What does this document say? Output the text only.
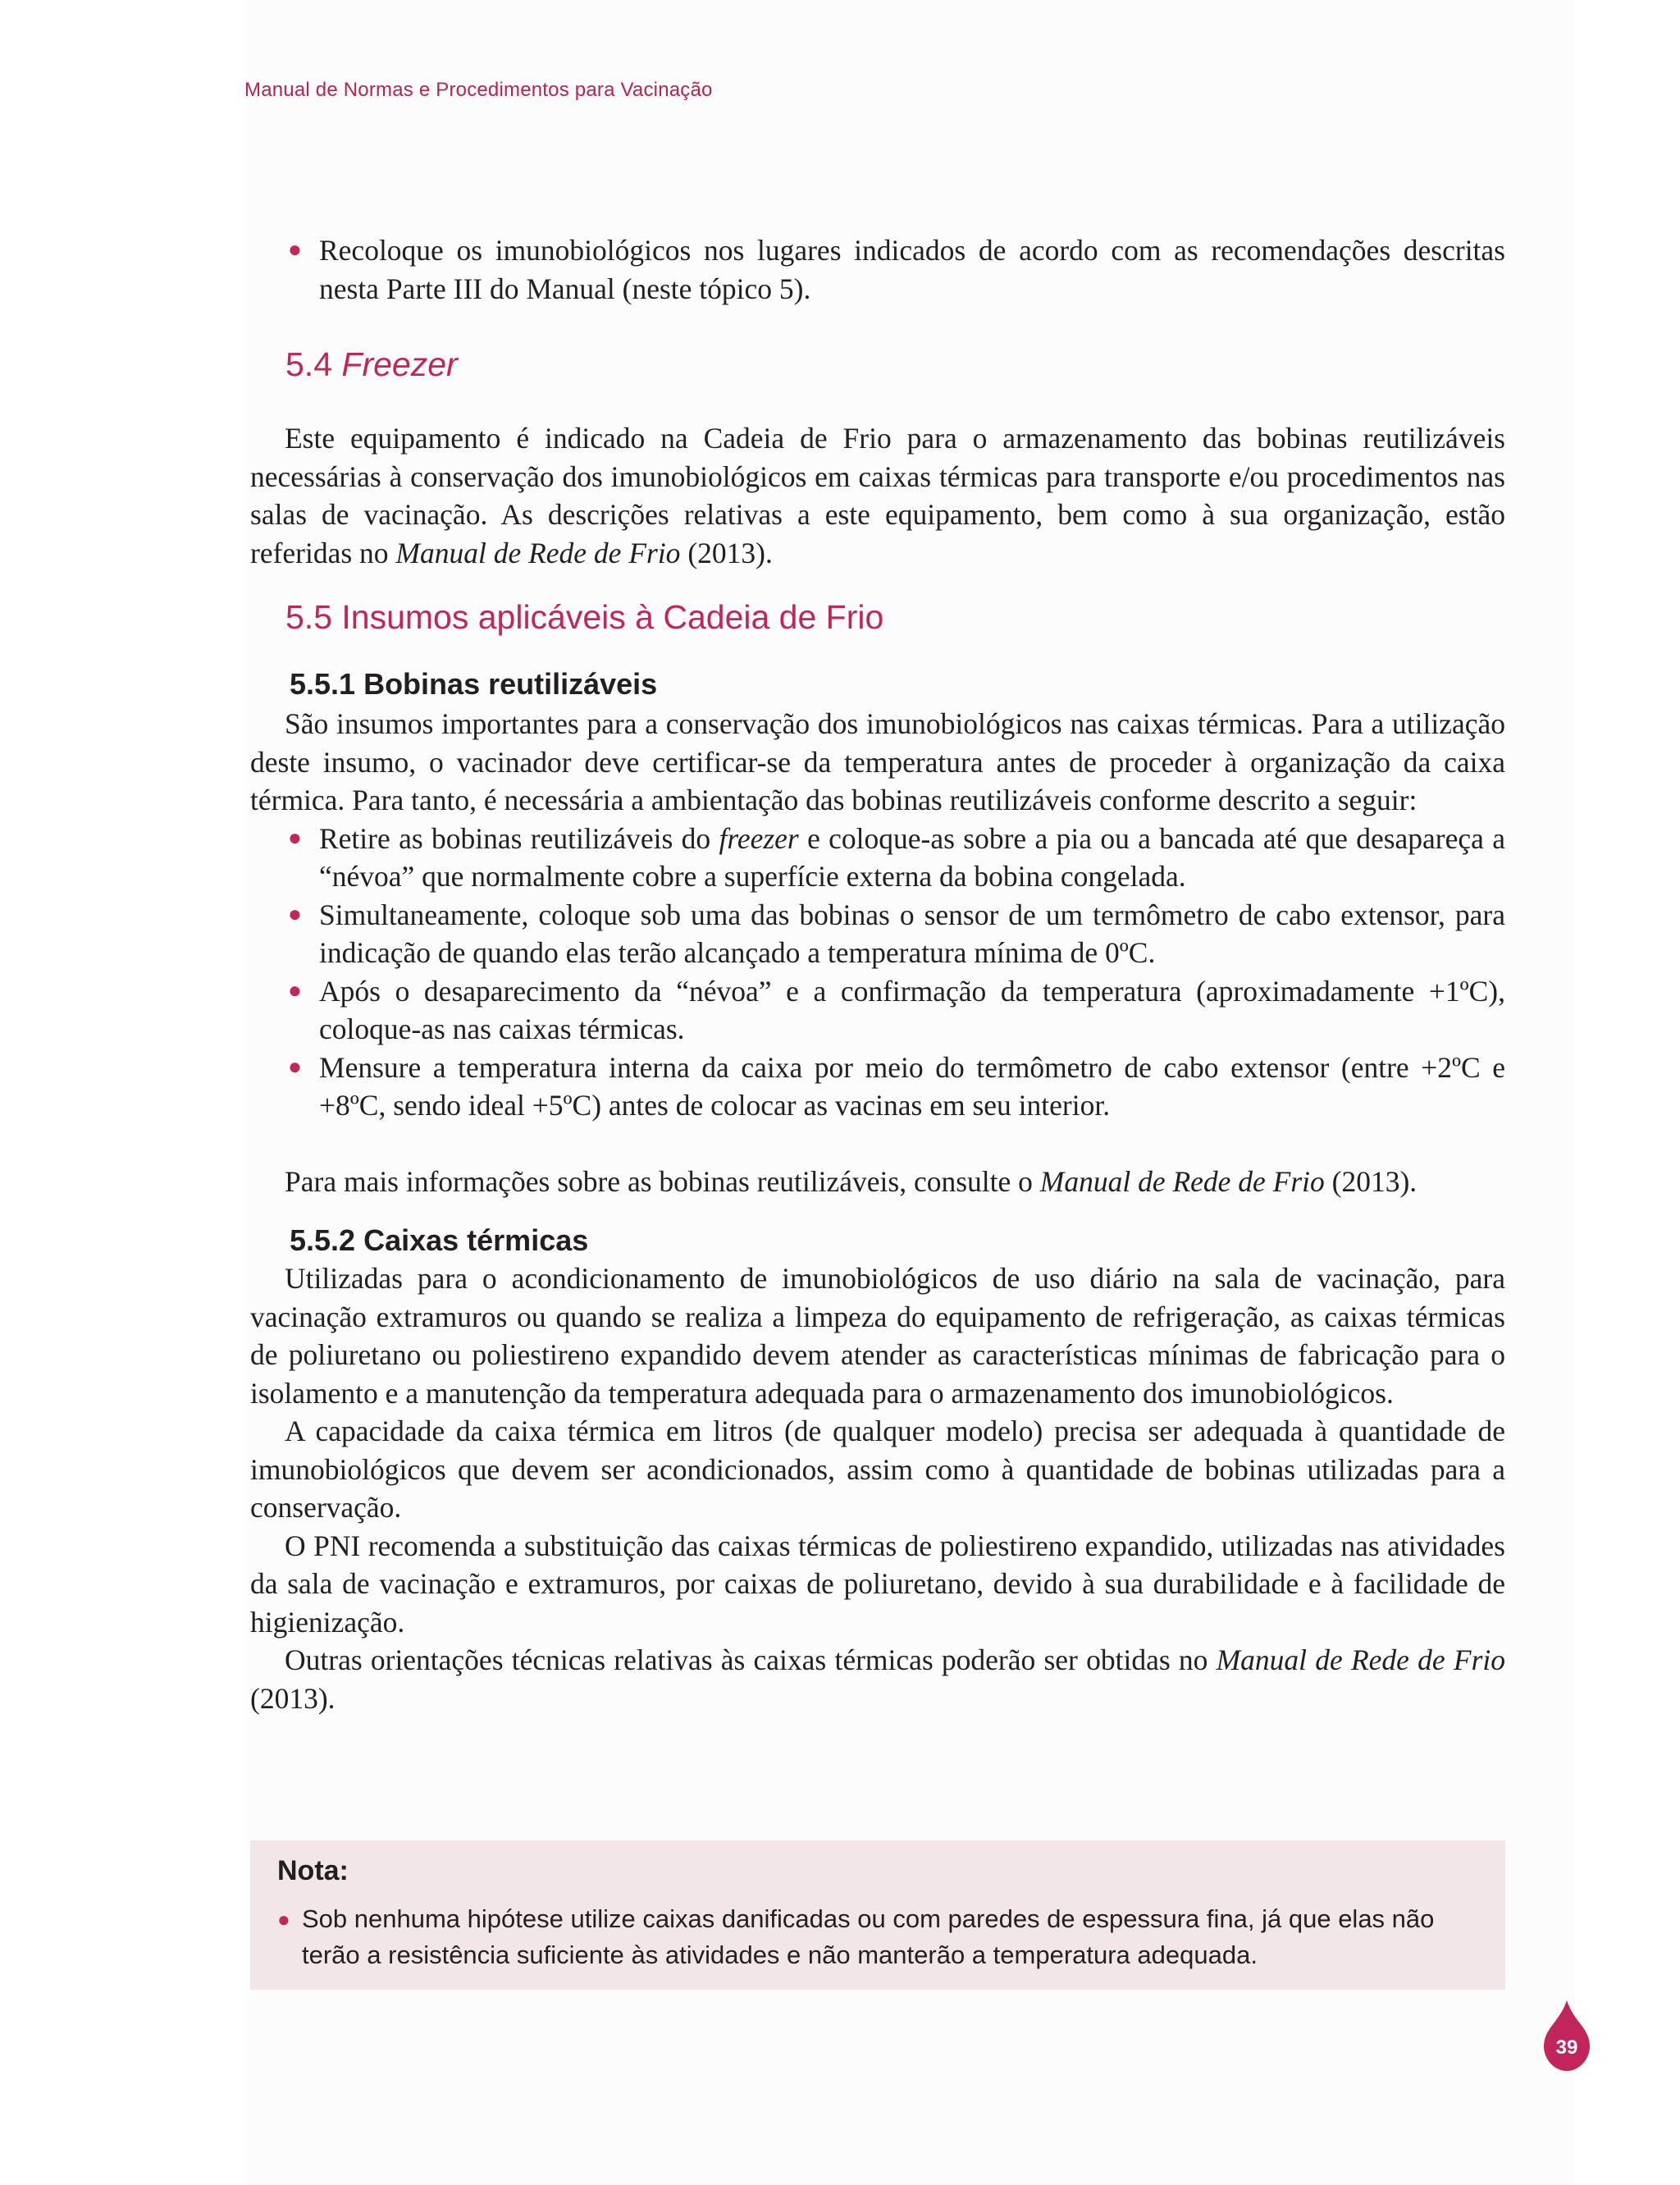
Manual de Normas e Procedimentos para Vacinação
● Recoloque os imunobiológicos nos lugares indicados de acordo com as recomendações descritas nesta Parte III do Manual (neste tópico 5).
5.4 Freezer

Este equipamento é indicado na Cadeia de Frio para o armazenamento das bobinas reutilizáveis necessárias à conservação dos imunobiológicos em caixas térmicas para transporte e/ou procedimentos nas salas de vacinação. As descrições relativas a este equipamento, bem como à sua organização, estão referidas no Manual de Rede de Frio (2013).

5.5 Insumos aplicáveis à Cadeia de Frio
5.5.1 Bobinas reutilizáveis

São insumos importantes para a conservação dos imunobiológicos nas caixas térmicas. Para a utilização deste insumo, o vacinador deve certificar-se da temperatura antes de proceder à organização da caixa térmica. Para tanto, é necessária a ambientação das bobinas reutilizáveis conforme descrito a seguir:

● Retire as bobinas reutilizáveis do freezer e coloque-as sobre a pia ou a bancada até que desapareça a “névoa” que normalmente cobre a superfície externa da bobina congelada.
● Simultaneamente, coloque sob uma das bobinas o sensor de um termômetro de cabo extensor, para indicação de quando elas terão alcançado a temperatura mínima de 0ºC.
● Após o desaparecimento da “névoa” e a confirmação da temperatura (aproximadamente +1ºC), coloque-as nas caixas térmicas.
● Mensure a temperatura interna da caixa por meio do termômetro de cabo extensor (entre +2ºC e +8ºC, sendo ideal +5ºC) antes de colocar as vacinas em seu interior.

Para mais informações sobre as bobinas reutilizáveis, consulte o Manual de Rede de Frio (2013).

5.5.2 Caixas térmicas

Utilizadas para o acondicionamento de imunobiológicos de uso diário na sala de vacinação, para vacinação extramuros ou quando se realiza a limpeza do equipamento de refrigeração, as caixas térmicas de poliuretano ou poliestireno expandido devem atender as características mínimas de fabricação para o isolamento e a manutenção da temperatura adequada para o armazenamento dos imunobiológicos.

A capacidade da caixa térmica em litros (de qualquer modelo) precisa ser adequada à quantidade de imunobiológicos que devem ser acondicionados, assim como à quantidade de bobinas utilizadas para a conservação.

O PNI recomenda a substituição das caixas térmicas de poliestireno expandido, utilizadas nas atividades da sala de vacinação e extramuros, por caixas de poliuretano, devido à sua durabilidade e à facilidade de higienização.

Outras orientações técnicas relativas às caixas térmicas poderão ser obtidas no Manual de Rede de Frio (2013).

Nota:
● Sob nenhuma hipótese utilize caixas danificadas ou com paredes de espessura fina, já que elas não terão a resistência suficiente às atividades e não manterão a temperatura adequada.
39
